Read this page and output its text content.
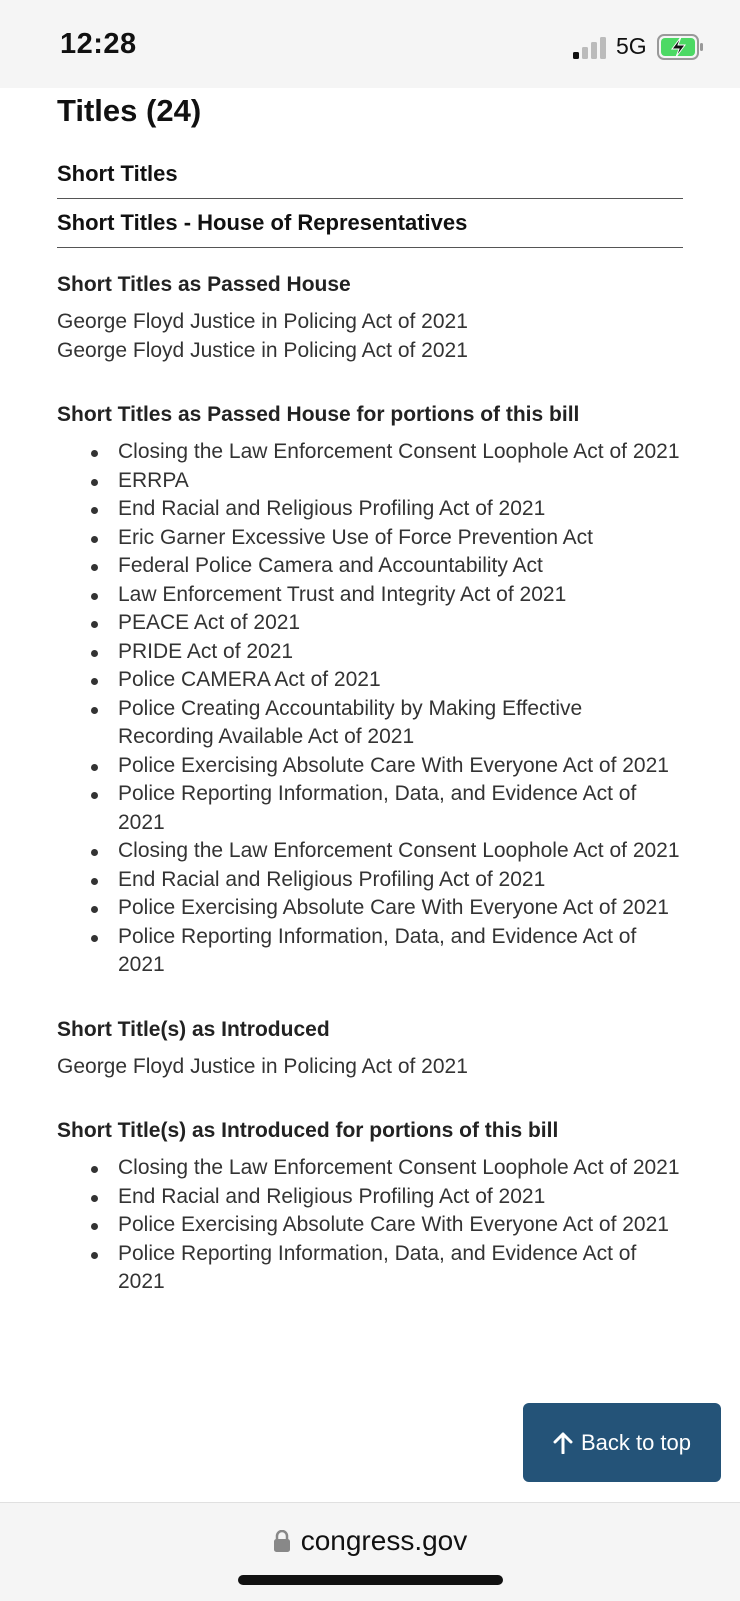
12:28	5G
Titles (24)
Short Titles
Short Titles - House of Representatives
Short Titles as Passed House
George Floyd Justice in Policing Act of 2021
George Floyd Justice in Policing Act of 2021
Short Titles as Passed House for portions of this bill
Closing the Law Enforcement Consent Loophole Act of 2021
ERRPA
End Racial and Religious Profiling Act of 2021
Eric Garner Excessive Use of Force Prevention Act
Federal Police Camera and Accountability Act
Law Enforcement Trust and Integrity Act of 2021
PEACE Act of 2021
PRIDE Act of 2021
Police CAMERA Act of 2021
Police Creating Accountability by Making Effective Recording Available Act of 2021
Police Exercising Absolute Care With Everyone Act of 2021
Police Reporting Information, Data, and Evidence Act of 2021
Closing the Law Enforcement Consent Loophole Act of 2021
End Racial and Religious Profiling Act of 2021
Police Exercising Absolute Care With Everyone Act of 2021
Police Reporting Information, Data, and Evidence Act of 2021
Short Title(s) as Introduced
George Floyd Justice in Policing Act of 2021
Short Title(s) as Introduced for portions of this bill
Closing the Law Enforcement Consent Loophole Act of 2021
End Racial and Religious Profiling Act of 2021
Police Exercising Absolute Care With Everyone Act of 2021
Police Reporting Information, Data, and Evidence Act of 2021
Back to top
congress.gov
